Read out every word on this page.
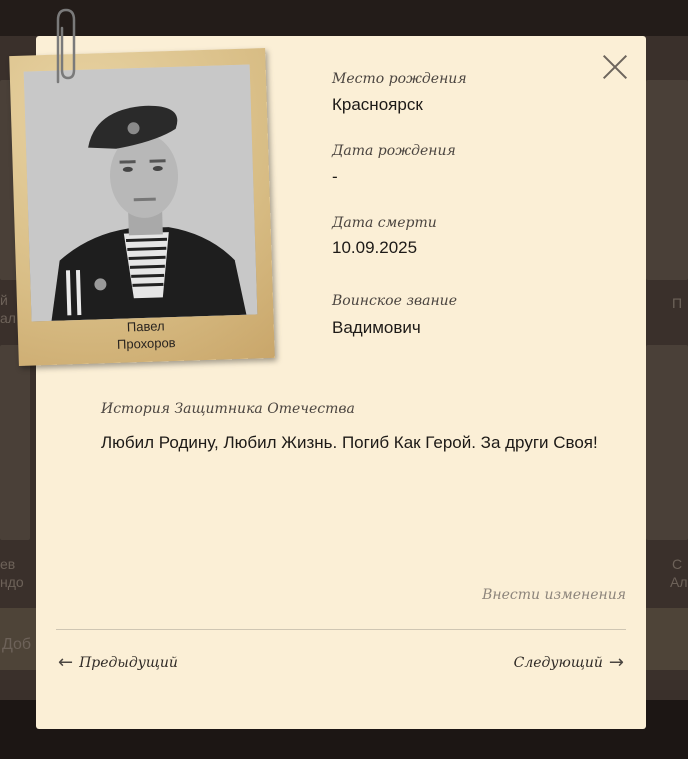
й
ал
П
ев
ндо
С
Ал
Доб
Место рождения
Красноярск
Дата рождения
-
Дата смерти
10.09.2025
Воинское звание
Вадимович
История Защитника Отечества

Любил Родину, Любил Жизнь. Погиб Как Герой. За други Своя!

Внести изменения
← Предыдущий	Следующий →
Павел
Прохоров
